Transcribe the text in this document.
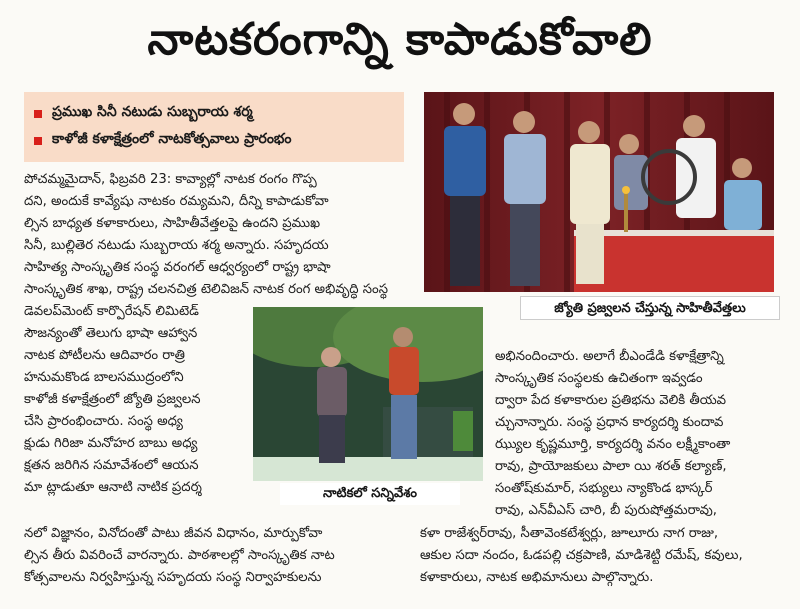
నాటకరంగాన్ని కాపాడుకోవాలి
ప్రముఖ సినీ నటుడు సుబ్బరాయ శర్మ
కాళోజీ కళాక్షేత్రంలో నాటకోత్సవాలు ప్రారంభం
జ్యోతి ప్రజ్వలన చేస్తున్న సాహితీవేత్తలు
నాటికలో సన్నివేశం
పోచమ్మమైదాన్, ఫిబ్రవరి 23: కావ్యాల్లో నాటక రంగం గొప్ప
దని, అందుకే కావ్యేషు నాటకం రమ్యమని, దీన్ని కాపాడుకోవా
ల్సిన బాధ్యత కళాకారులు, సాహితీవేత్తలపై ఉందని ప్రముఖ
సినీ, బుల్లితెర నటుడు సుబ్బరాయ శర్మ అన్నారు. సహృదయ
సాహిత్య సాంస్కృతిక సంస్థ వరంగల్ ఆధ్వర్యంలో రాష్ట్ర భాషా
సాంస్కృతిక శాఖ, రాష్ట్ర చలనచిత్ర టెలివిజన్ నాటక రంగ అభివృద్ధి సంస్థ
డెవలప్‌మెంట్ కార్పొరేషన్ లిమిటెడ్
సౌజన్యంతో తెలుగు భాషా ఆహ్వాన
నాటక పోటీలను ఆదివారం రాత్రి
హనుమకొండ బాలసముద్రంలోని
కాళోజీ కళాక్షేత్రంలో జ్యోతి ప్రజ్వలన
చేసి ప్రారంభించారు. సంస్థ అధ్య
క్షుడు గిరిజా మనోహర బాబు అధ్య
క్షతన జరిగిన సమావేశంలో ఆయన
మా ట్లాడుతూ ఆనాటి నాటిక ప్రదర్శ
నలో విజ్ఞానం, వినోదంతో పాటు జీవన విధానం, మార్పుకోవా
ల్సిన తీరు వివరించే వారన్నారు. పాఠశాలల్లో సాంస్కృతిక నాట
కోత్సవాలను నిర్వహిస్తున్న సహృదయ సంస్థ నిర్వాహకులను
అభినందించారు. అలాగే బీఎండేడి కళాక్షేత్రాన్ని
సాంస్కృతిక సంస్థలకు ఉచితంగా ఇవ్వడం
ద్వారా పేద కళాకారుల ప్రతిభను వెలికి తీయవ
చ్చునాన్నారు. సంస్థ ప్రధాన కార్యదర్శి కుందావ
ఝ్యుల కృష్ణమూర్తి, కార్యదర్శి వనం లక్ష్మీకాంతా
రావు, ప్రాయోజకులు పాలా యి శరత్ కల్యాణ్,
సంతోష్‌కుమార్, సభ్యులు న్యాకొండ భాస్కర్
రావు, ఎన్‌వీఎస్ చారి, బీ పురుషోత్తమరావు,
కళా రాజేశ్వర్‌రావు, సీతావెంకటేశ్వర్లు, జూలూరు నాగ రాజు,
ఆకుల సదా నందం, ఓడపల్లి చక్రపాణి, మాడిశెట్టి రమేష్, కవులు,
కళాకారులు, నాటక అభిమానులు పాల్గొన్నారు.
